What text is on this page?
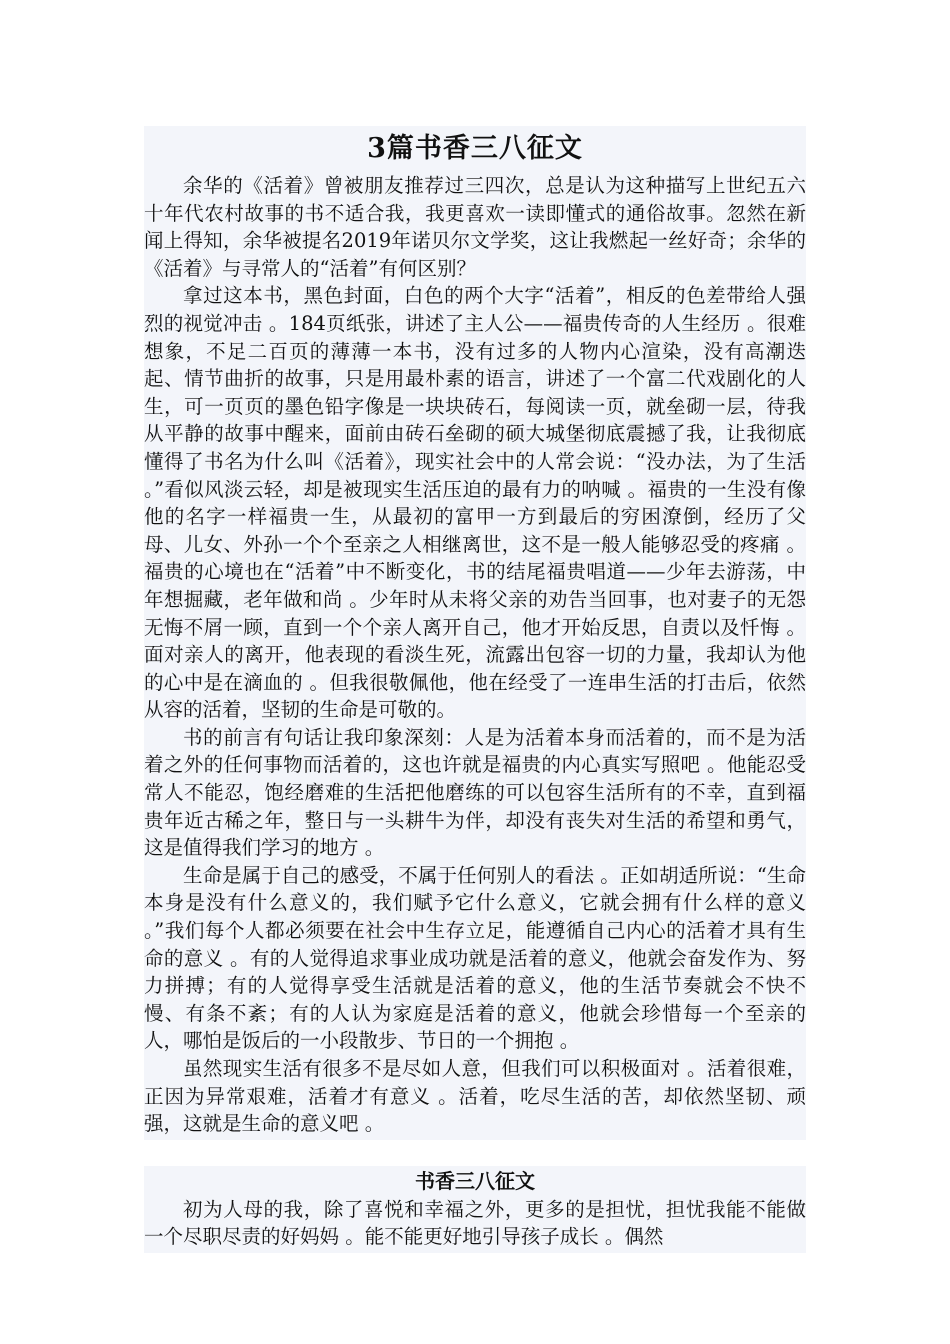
3篇书香三八征文

余华的《活着》曾被朋友推荐过三四次，总是认为这种描写上世纪五六十年代农村故事的书不适合我，我更喜欢一读即懂式的通俗故事。忽然在新闻上得知，余华被提名2019年诺贝尔文学奖，这让我燃起一丝好奇；余华的《活着》与寻常人的“活着”有何区别？

拿过这本书，黑色封面，白色的两个大字“活着”，相反的色差带给人强烈的视觉冲击 。184页纸张，讲述了主人公——福贵传奇的人生经历 。很难想象，不足二百页的薄薄一本书，没有过多的人物内心渲染，没有高潮迭起、情节曲折的故事，只是用最朴素的语言，讲述了一个富二代戏剧化的人生，可一页页的墨色铅字像是一块块砖石，每阅读一页，就垒砌一层，待我从平静的故事中醒来，面前由砖石垒砌的硕大城堡彻底震撼了我，让我彻底懂得了书名为什么叫《活着》，现实社会中的人常会说：“没办法，为了生活 。”看似风淡云轻，却是被现实生活压迫的最有力的呐喊 。福贵的一生没有像他的名字一样福贵一生，从最初的富甲一方到最后的穷困潦倒，经历了父母、儿女、外孙一个个至亲之人相继离世，这不是一般人能够忍受的疼痛 。福贵的心境也在“活着”中不断变化，书的结尾福贵唱道——少年去游荡，中年想掘藏，老年做和尚 。少年时从未将父亲的劝告当回事，也对妻子的无怨无悔不屑一顾，直到一个个亲人离开自己，他才开始反思，自责以及忏悔 。面对亲人的离开，他表现的看淡生死，流露出包容一切的力量，我却认为他的心中是在滴血的 。但我很敬佩他，他在经受了一连串生活的打击后，依然从容的活着，坚韧的生命是可敬的。

书的前言有句话让我印象深刻：人是为活着本身而活着的，而不是为活着之外的任何事物而活着的，这也许就是福贵的内心真实写照吧 。他能忍受常人不能忍，饱经磨难的生活把他磨练的可以包容生活所有的不幸，直到福贵年近古稀之年，整日与一头耕牛为伴，却没有丧失对生活的希望和勇气，这是值得我们学习的地方 。

生命是属于自己的感受，不属于任何别人的看法 。正如胡适所说：“生命本身是没有什么意义的，我们赋予它什么意义，它就会拥有什么样的意义 。”我们每个人都必须要在社会中生存立足，能遵循自己内心的活着才具有生命的意义 。有的人觉得追求事业成功就是活着的意义，他就会奋发作为、努力拼搏；有的人觉得享受生活就是活着的意义，他的生活节奏就会不快不慢、有条不紊；有的人认为家庭是活着的意义，他就会珍惜每一个至亲的人，哪怕是饭后的一小段散步、节日的一个拥抱 。

虽然现实生活有很多不是尽如人意，但我们可以积极面对 。活着很难，正因为异常艰难，活着才有意义 。活着，吃尽生活的苦，却依然坚韧、顽强，这就是生命的意义吧 。

书香三八征文

初为人母的我，除了喜悦和幸福之外，更多的是担忧，担忧我能不能做一个尽职尽责的好妈妈 。能不能更好地引导孩子成长 。偶然
